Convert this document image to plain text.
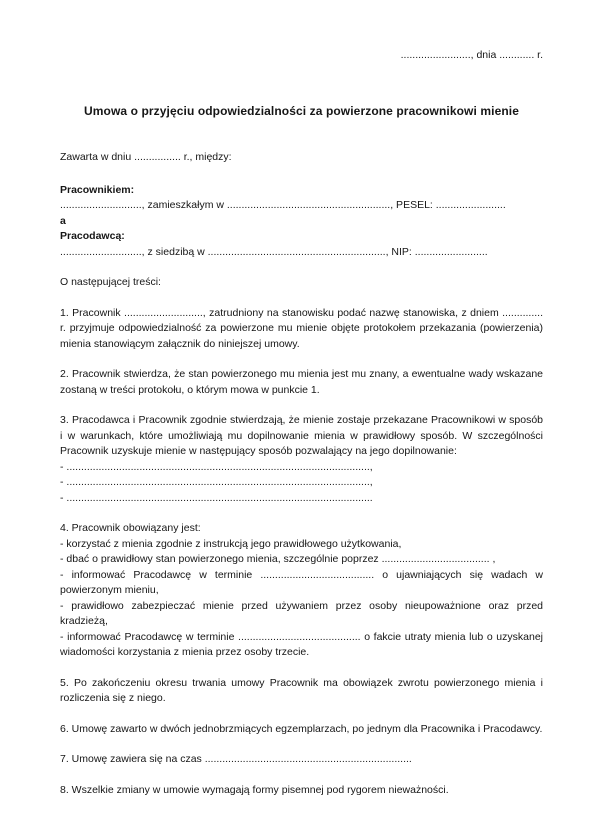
........................, dnia ............ r.
Umowa o przyjęciu odpowiedzialności za powierzone pracownikowi mienie
Zawarta w dniu ................ r., między:
Pracownikiem:
............................, zamieszkałym w ........................................................, PESEL: ........................
a
Pracodawcą:
............................, z siedzibą w ............................................................., NIP: .........................
O następującej treści:
1. Pracownik ..........................., zatrudniony na stanowisku podać nazwę stanowiska, z dniem .............. r. przyjmuje odpowiedzialność za powierzone mu mienie objęte protokołem przekazania (powierzenia) mienia stanowiącym załącznik do niniejszej umowy.
2. Pracownik stwierdza, że stan powierzonego mu mienia jest mu znany, a ewentualne wady wskazane zostaną w treści protokołu, o którym mowa w punkcie 1.
3. Pracodawca i Pracownik zgodnie stwierdzają, że mienie zostaje przekazane Pracownikowi w sposób i w warunkach, które umożliwiają mu dopilnowanie mienia w prawidłowy sposób. W szczególności Pracownik uzyskuje mienie w następujący sposób pozwalający na jego dopilnowanie:
- ........................................................................................................,
- ........................................................................................................,
- .........................................................................................................
4. Pracownik obowiązany jest:
- korzystać z mienia zgodnie z instrukcją jego prawidłowego użytkowania,
- dbać o prawidłowy stan powierzonego mienia, szczególnie poprzez ..................................... ,
- informować Pracodawcę w terminie ....................................... o ujawniających się wadach w powierzonym mieniu,
- prawidłowo zabezpieczać mienie przed używaniem przez osoby nieupoważnione oraz przed kradzieżą,
- informować Pracodawcę w terminie .......................................... o fakcie utraty mienia lub o uzyskanej wiadomości korzystania z mienia przez osoby trzecie.
5. Po zakończeniu okresu trwania umowy Pracownik ma obowiązek zwrotu powierzonego mienia i rozliczenia się z niego.
6. Umowę zawarto w dwóch jednobrzmiących egzemplarzach, po jednym dla Pracownika i Pracodawcy.
7. Umowę zawiera się na czas .......................................................................
8. Wszelkie zmiany w umowie wymagają formy pisemnej pod rygorem nieważności.
